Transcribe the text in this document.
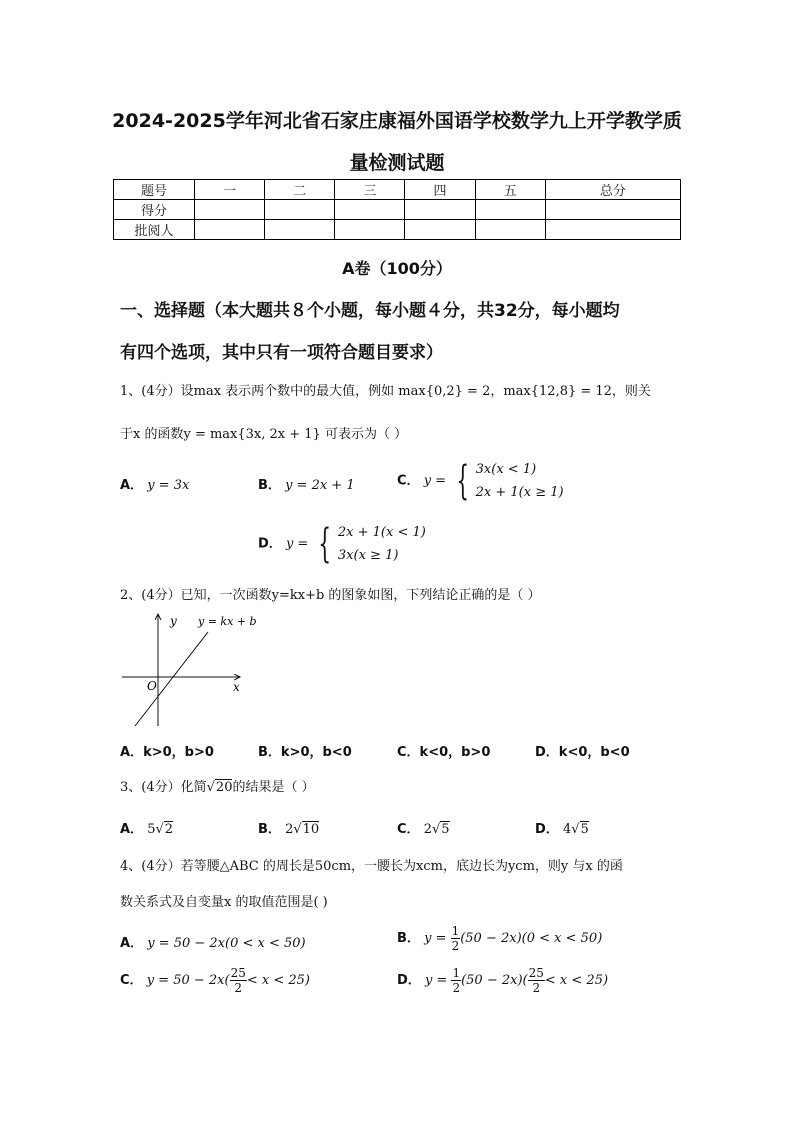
2024-2025学年河北省石家庄康福外国语学校数学九上开学教学质
量检测试题
题号	一	二	三	四	五	总分
得分						
批阅人						
A卷（100分）
一、选择题（本大题共８个小题，每小题４分，共32分，每小题均
有四个选项，其中只有一项符合题目要求）
1、(4分）设max 表示两个数中的最大值，例如 max{0,2} = 2，max{12,8} = 12，则关
于x 的函数y = max{3x, 2x + 1} 可表示为（ ）
A． y = 3x	B． y = 2x + 1	C． y = { 3x(x < 1)
2x + 1(x ≥ 1)
D． y = { 2x + 1(x < 1)
3x(x ≥ 1)
2、(4分）已知，一次函数y=kx+b 的图象如图，下列结论正确的是（ ）
y y = kx + b
O	x
A．k>0，b>0	B．k>0，b<0	C．k<0，b>0	D．k<0，b<0
3、(4分）化简√20的结果是（ ）
A． 5√2	B． 2√10	C． 2√5	D． 4√5
4、(4分）若等腰△ABC 的周长是50cm，一腰长为xcm，底边长为ycm，则y 与x 的函
数关系式及自变量x 的取值范围是( )
A． y = 50 − 2x(0 < x < 50)	B． $y = \frac{1}{2} (50 - 2x)(0 < x < 50)$
C． $y = 50 - 2x( \frac{25}{2} < x < 25)$	D． $y = \frac{1}{2} (50 - 2x)( \frac{25}{2} < x < 25)$
